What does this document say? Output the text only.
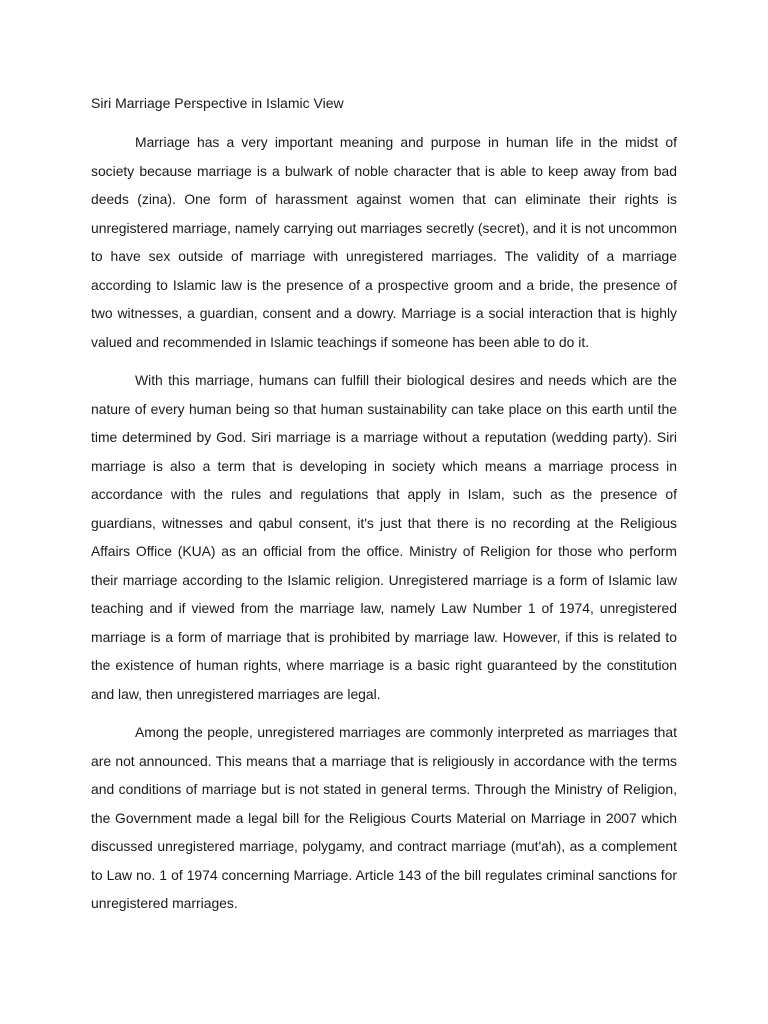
Siri Marriage Perspective in Islamic View

Marriage has a very important meaning and purpose in human life in the midst of society because marriage is a bulwark of noble character that is able to keep away from bad deeds (zina). One form of harassment against women that can eliminate their rights is unregistered marriage, namely carrying out marriages secretly (secret), and it is not uncommon to have sex outside of marriage with unregistered marriages. The validity of a marriage according to Islamic law is the presence of a prospective groom and a bride, the presence of two witnesses, a guardian, consent and a dowry. Marriage is a social interaction that is highly valued and recommended in Islamic teachings if someone has been able to do it.

With this marriage, humans can fulfill their biological desires and needs which are the nature of every human being so that human sustainability can take place on this earth until the time determined by God. Siri marriage is a marriage without a reputation (wedding party). Siri marriage is also a term that is developing in society which means a marriage process in accordance with the rules and regulations that apply in Islam, such as the presence of guardians, witnesses and qabul consent, it's just that there is no recording at the Religious Affairs Office (KUA) as an official from the office. Ministry of Religion for those who perform their marriage according to the Islamic religion. Unregistered marriage is a form of Islamic law teaching and if viewed from the marriage law, namely Law Number 1 of 1974, unregistered marriage is a form of marriage that is prohibited by marriage law. However, if this is related to the existence of human rights, where marriage is a basic right guaranteed by the constitution and law, then unregistered marriages are legal.

Among the people, unregistered marriages are commonly interpreted as marriages that are not announced. This means that a marriage that is religiously in accordance with the terms and conditions of marriage but is not stated in general terms. Through the Ministry of Religion, the Government made a legal bill for the Religious Courts Material on Marriage in 2007 which discussed unregistered marriage, polygamy, and contract marriage (mut'ah), as a complement to Law no. 1 of 1974 concerning Marriage. Article 143 of the bill regulates criminal sanctions for unregistered marriages.
